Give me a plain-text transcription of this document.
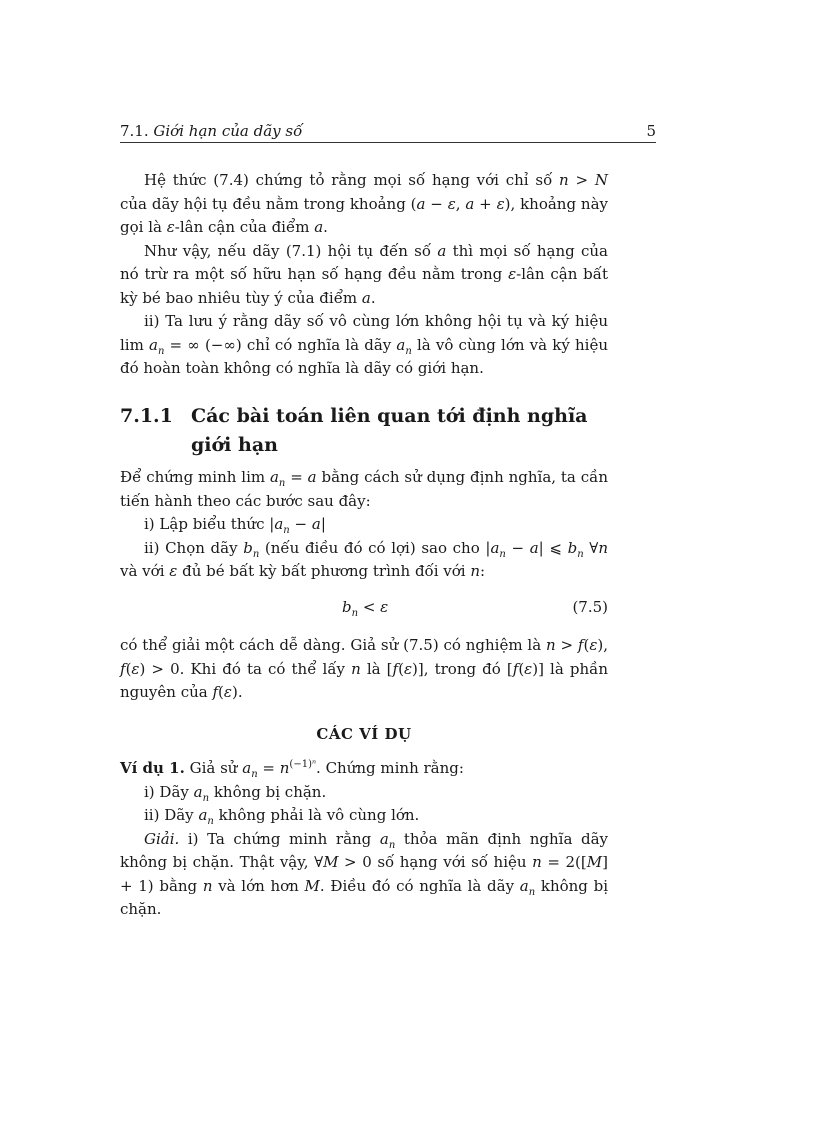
7.1. Giới hạn của dãy số	5

Hệ thức (7.4) chứng tỏ rằng mọi số hạng với chỉ số n > N của dãy hội tụ đều nằm trong khoảng (a − ε, a + ε), khoảng này gọi là ε-lân cận của điểm a.

Như vậy, nếu dãy (7.1) hội tụ đến số a thì mọi số hạng của nó trừ ra một số hữu hạn số hạng đều nằm trong ε-lân cận bất kỳ bé bao nhiêu tùy ý của điểm a.

ii) Ta lưu ý rằng dãy số vô cùng lớn không hội tụ và ký hiệu $\lim a_n$ = ∞ (−∞) chỉ có nghĩa là dãy $a_n$ là vô cùng lớn và ký hiệu đó hoàn toàn không có nghĩa là dãy có giới hạn.

7.1.1 Các bài toán liên quan tới định nghĩa giới hạn

Để chứng minh $\lim a_n = a$ bằng cách sử dụng định nghĩa, ta cần tiến hành theo các bước sau đây:

i) Lập biểu thức $|a_n - a|$

ii) Chọn dãy $b_n$ (nếu điều đó có lợi) sao cho $|a_n - a|$ ⩽ $b_n$ ∀n và với ε đủ bé bất kỳ bất phương trình đối với n:

$b_n < \varepsilon$	(7.5)

có thể giải một cách dễ dàng. Giả sử (7.5) có nghiệm là n > f(ε), f(ε) > 0. Khi đó ta có thể lấy n là [f(ε)], trong đó [f(ε)] là phần nguyên của f(ε).

CÁC VÍ DỤ

Ví dụ 1. Giả sử $a_n = n^{(-1)^n}$. Chứng minh rằng:

i) Dãy $a_n$ không bị chặn.

ii) Dãy $a_n$ không phải là vô cùng lớn.

Giải. i) Ta chứng minh rằng $a_n$ thỏa mãn định nghĩa dãy không bị chặn. Thật vậy, ∀M > 0 số hạng với số hiệu n = 2([M] + 1) bằng n và lớn hơn M. Điều đó có nghĩa là dãy $a_n$ không bị chặn.
